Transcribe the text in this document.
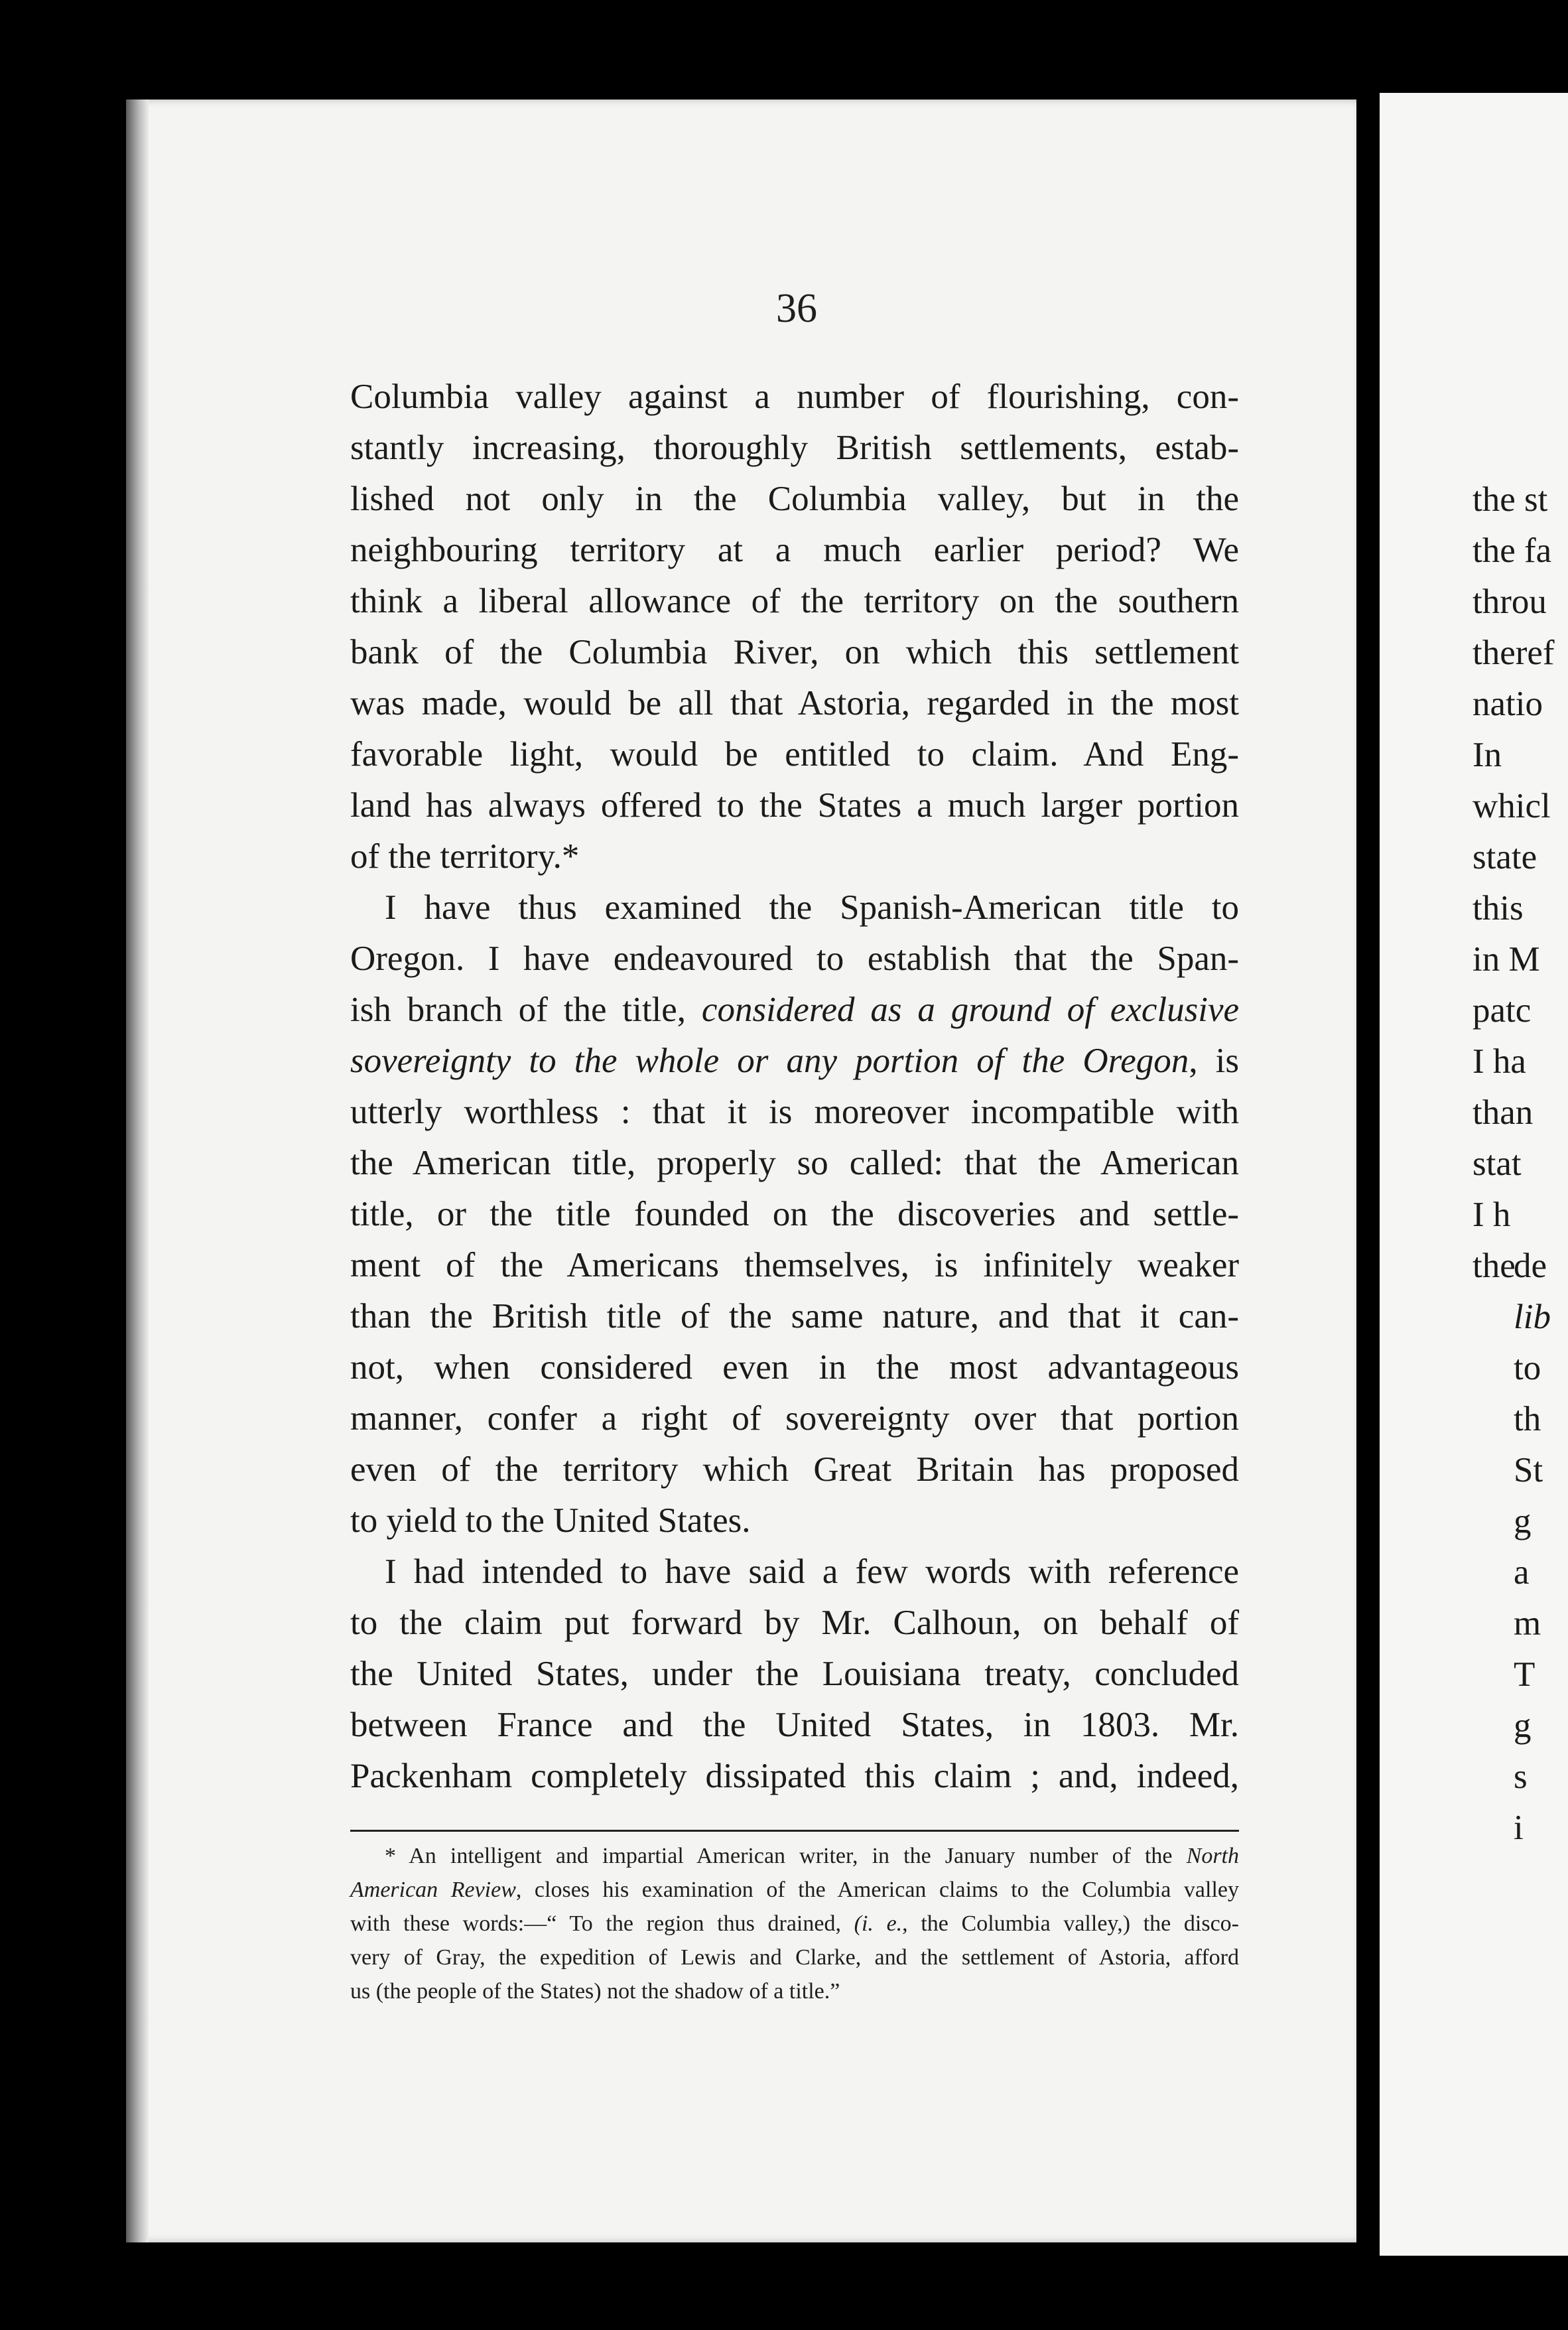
the st
the fa
throu
theref
natio
In
whicl
state
this
in M
patc
I ha
than
stat
I h
the
de
lib
to
th
St
g
a
m
T
g
s
i
36
Columbia valley against a number of flourishing, con-
stantly increasing, thoroughly British settlements, estab-
lished not only in the Columbia valley, but in the
neighbouring territory at a much earlier period? We
think a liberal allowance of the territory on the southern
bank of the Columbia River, on which this settlement
was made, would be all that Astoria, regarded in the most
favorable light, would be entitled to claim. And Eng-
land has always offered to the States a much larger portion
of the territory.*
I have thus examined the Spanish-American title to
Oregon. I have endeavoured to establish that the Span-
ish branch of the title, considered as a ground of exclusive
sovereignty to the whole or any portion of the Oregon, is
utterly worthless : that it is moreover incompatible with
the American title, properly so called: that the American
title, or the title founded on the discoveries and settle-
ment of the Americans themselves, is infinitely weaker
than the British title of the same nature, and that it can-
not, when considered even in the most advantageous
manner, confer a right of sovereignty over that portion
even of the territory which Great Britain has proposed
to yield to the United States.
I had intended to have said a few words with reference
to the claim put forward by Mr. Calhoun, on behalf of
the United States, under the Louisiana treaty, concluded
between France and the United States, in 1803. Mr.
Packenham completely dissipated this claim ; and, indeed,
* An intelligent and impartial American writer, in the January number of the North
American Review, closes his examination of the American claims to the Columbia valley
with these words:—“ To the region thus drained, (i. e., the Columbia valley,) the disco-
very of Gray, the expedition of Lewis and Clarke, and the settlement of Astoria, afford
us (the people of the States) not the shadow of a title.”
